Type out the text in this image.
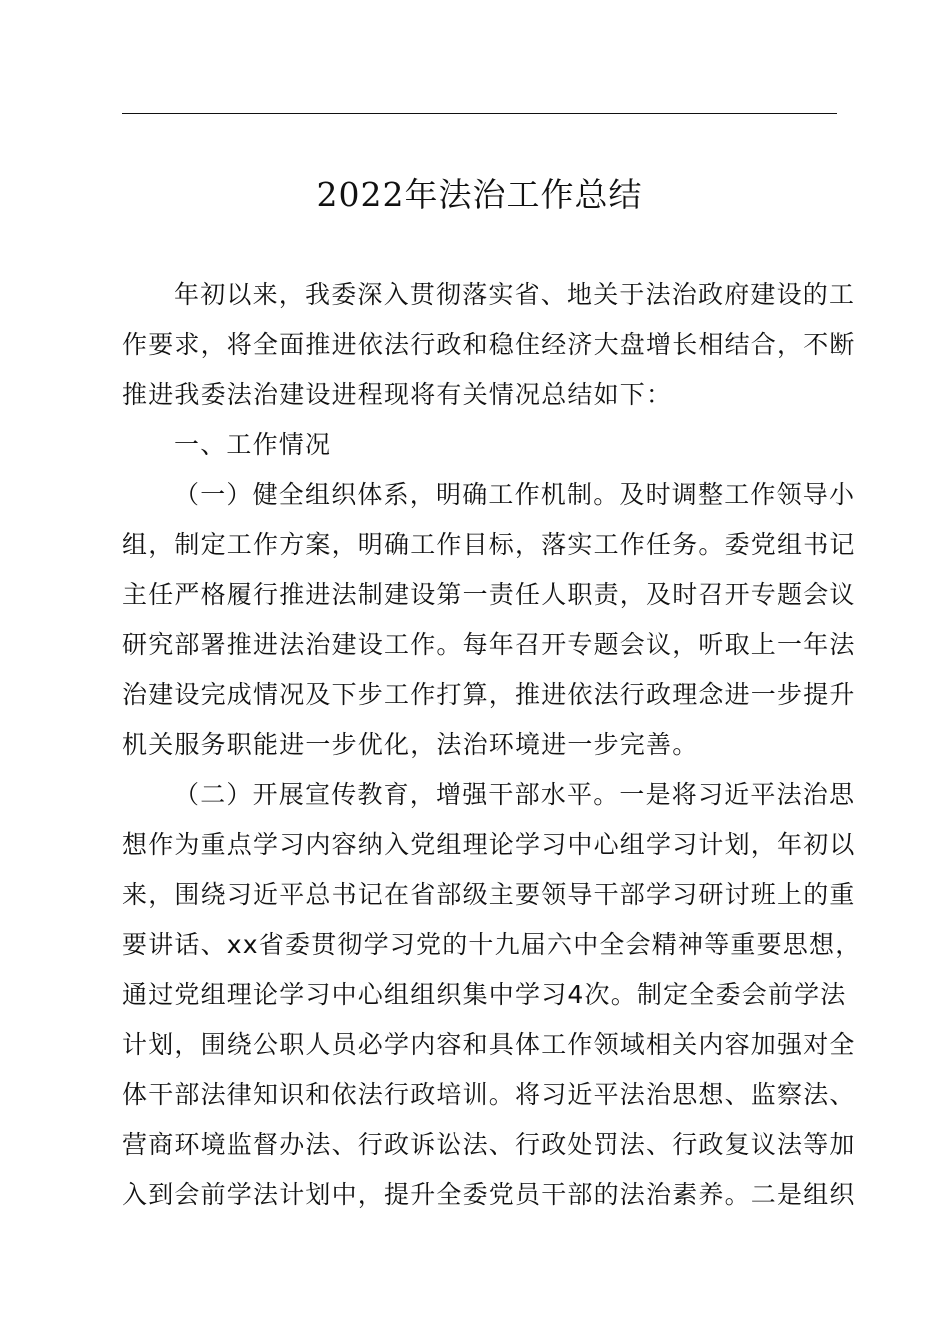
2022年法治工作总结
年初以来，我委深入贯彻落实省、地关于法治政府建设的工
作要求，将全面推进依法行政和稳住经济大盘增长相结合，不断
推进我委法治建设进程现将有关情况总结如下：
一、工作情况
（一）健全组织体系，明确工作机制。及时调整工作领导小
组，制定工作方案，明确工作目标，落实工作任务。委党组书记
主任严格履行推进法制建设第一责任人职责，及时召开专题会议
研究部署推进法治建设工作。每年召开专题会议，听取上一年法
治建设完成情况及下步工作打算，推进依法行政理念进一步提升
机关服务职能进一步优化，法治环境进一步完善。
（二）开展宣传教育，增强干部水平。一是将习近平法治思
想作为重点学习内容纳入党组理论学习中心组学习计划，年初以
来，围绕习近平总书记在省部级主要领导干部学习研讨班上的重
要讲话、xx省委贯彻学习党的十九届六中全会精神等重要思想，
通过党组理论学习中心组组织集中学习4次。制定全委会前学法
计划，围绕公职人员必学内容和具体工作领域相关内容加强对全
体干部法律知识和依法行政培训。将习近平法治思想、监察法、
营商环境监督办法、行政诉讼法、行政处罚法、行政复议法等加
入到会前学法计划中，提升全委党员干部的法治素养。二是组织
